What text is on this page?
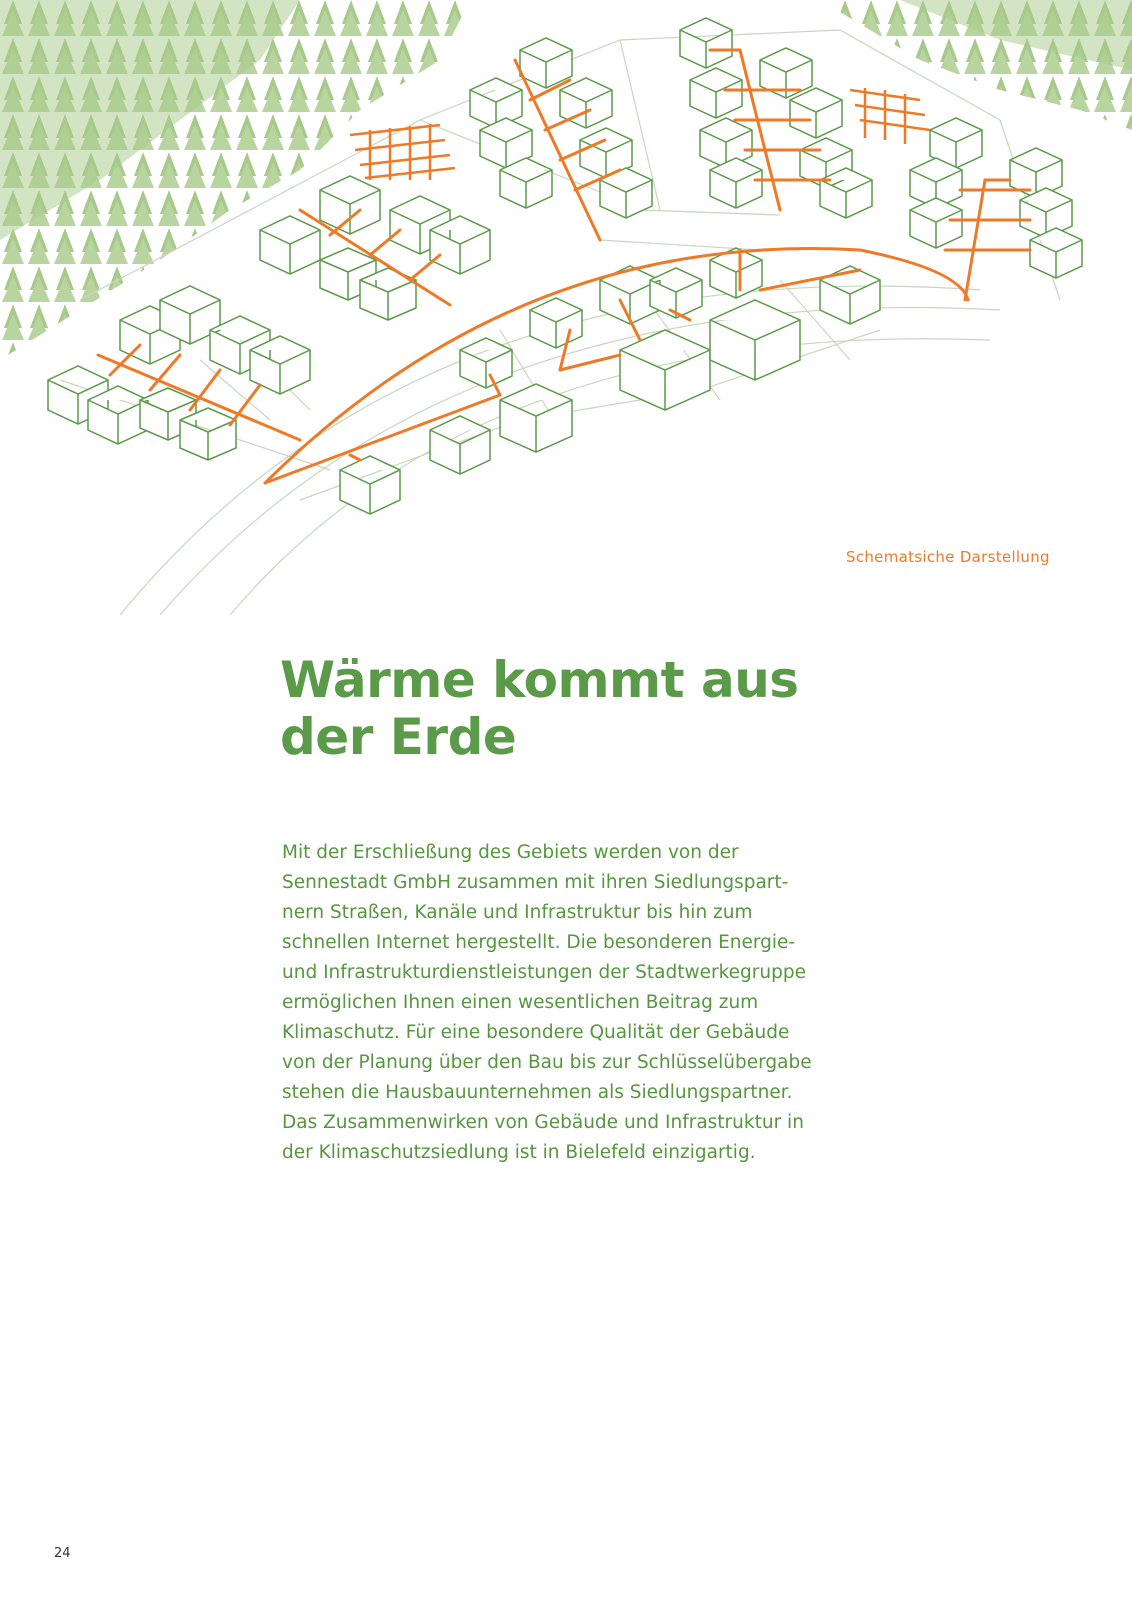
Schematsiche Darstellung
Wärme kommt aus
der Erde
Mit der Erschließung des Gebiets werden von der
Sennestadt GmbH zusammen mit ihren Siedlungspart-
nern Straßen, Kanäle und Infrastruktur bis hin zum
schnellen Internet hergestellt. Die besonderen Energie-
und Infrastrukturdienstleistungen der Stadtwerkegruppe
ermöglichen Ihnen einen wesentlichen Beitrag zum
Klimaschutz. Für eine besondere Qualität der Gebäude
von der Planung über den Bau bis zur Schlüsselübergabe
stehen die Hausbauunternehmen als Siedlungspartner.
Das Zusammenwirken von Gebäude und Infrastruktur in
der Klimaschutzsiedlung ist in Bielefeld einzigartig.
24
